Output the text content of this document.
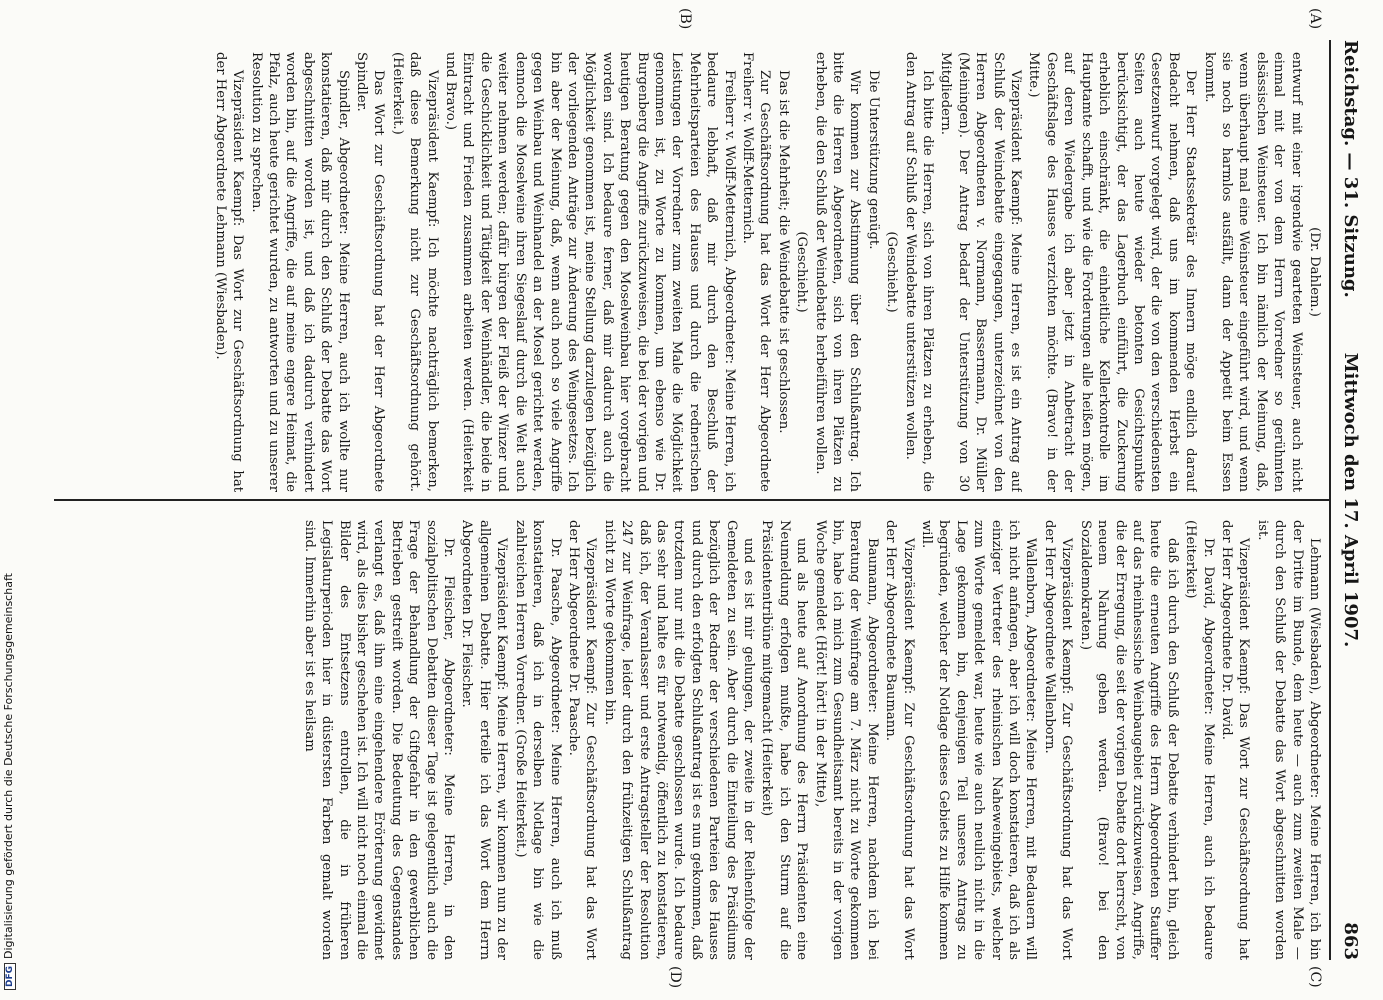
Mittwoch den 17. April 1907.
Reichstag. — 31. Sitzung.
863
(A)
(B)
(C)
(D)

(Dr. Dahlem.)

entwurf mit einer irgendwie gearteten Weinsteuer, auch nicht einmal mit der von dem Herrn Vorredner so gerühmten elsässischen Weinsteuer. Ich bin nämlich der Meinung, daß, wenn überhaupt mal eine Weinsteuer eingeführt wird, und wenn sie noch so harmlos ausfällt, dann der Appetit beim Essen kommt.

Der Herr Staatssekretär des Innern möge endlich darauf Bedacht nehmen, daß uns im kommenden Herbst ein Gesetzentwurf vorgelegt wird, der die von den verschiedensten Seiten auch heute wieder betonten Gesichtspunkte berücksichtigt, der das Lagerbuch einführt, die Zuckerung erheblich einschränkt, die einheitliche Kellerkontrolle im Hauptamte schafft, und wie die Forderungen alle heißen mögen, auf deren Wiedergabe ich aber jetzt in Anbetracht der Geschäftslage des Hauses verzichten möchte. (Bravo! in der Mitte.)

Vizepräsident Kaempf: Meine Herren, es ist ein Antrag auf Schluß der Weindebatte eingegangen, unterzeichnet von den Herren Abgeordneten v. Normann, Bassermann, Dr. Müller (Meiningen). Der Antrag bedarf der Unterstützung von 30 Mitgliedern.

Ich bitte die Herren, sich von ihren Plätzen zu erheben, die den Antrag auf Schluß der Weindebatte unterstützen wollen.

(Geschieht.)

Die Unterstützung genügt.

Wir kommen zur Abstimmung über den Schlußantrag. Ich bitte die Herren Abgeordneten, sich von ihren Plätzen zu erheben, die den Schluß der Weindebatte herbeiführen wollen.

(Geschieht.)

Das ist die Mehrheit; die Weindebatte ist geschlossen.

Zur Geschäftsordnung hat das Wort der Herr Abgeordnete Freiherr v. Wolff-Metternich.

Freiherr v. Wolff-Metternich, Abgeordneter: Meine Herren, ich bedaure lebhaft, daß mir durch den Beschluß der Mehrheitsparteien des Hauses und durch die rednerischen Leistungen der Vorredner zum zweiten Male die Möglichkeit genommen ist, zu Worte zu kommen, um ebenso wie Dr. Burgenberg die Angriffe zurückzuweisen, die bei der vorigen und heutigen Beratung gegen den Moselweinbau hier vorgebracht worden sind. Ich bedaure ferner, daß mir dadurch auch die Möglichkeit genommen ist, meine Stellung darzulegen bezüglich der vorliegenden Anträge zur Änderung des Weingesetzes. Ich bin aber der Meinung, daß, wenn auch noch so viele Angriffe gegen Weinbau und Weinhandel an der Mosel gerichtet werden, dennoch die Moselweine ihren Siegeslauf durch die Welt auch weiter nehmen werden; dafür bürgen der Fleiß der Winzer und die Geschicklichkeit und Tätigkeit der Weinhändler, die beide in Eintracht und Frieden zusammen arbeiten werden. (Heiterkeit und Bravo.)

Vizepräsident Kaempf: Ich möchte nachträglich bemerken, daß diese Bemerkung nicht zur Geschäftsordnung gehört. (Heiterkeit.)

Das Wort zur Geschäftsordnung hat der Herr Abgeordnete Spindler.

Spindler, Abgeordneter: Meine Herren, auch ich wollte nur konstatieren, daß mir durch den Schluß der Debatte das Wort abgeschnitten worden ist, und daß ich dadurch verhindert worden bin, auf die Angriffe, die auf meine engere Heimat, die Pfalz, auch heute gerichtet wurden, zu antworten und zu unserer Resolution zu sprechen.

Vizepräsident Kaempf: Das Wort zur Geschäftsordnung hat der Herr Abgeordnete Lehmann (Wiesbaden).

Lehmann (Wiesbaden), Abgeordneter: Meine Herren, ich bin der Dritte im Bunde, dem heute — auch zum zweiten Male — durch den Schluß der Debatte das Wort abgeschnitten worden ist.

Vizepräsident Kaempf: Das Wort zur Geschäftsordnung hat der Herr Abgeordnete Dr. David.

Dr. David, Abgeordneter: Meine Herren, auch ich bedaure (Heiterkeit)

daß ich durch den Schluß der Debatte verhindert bin, gleich heute die erneuten Angriffe des Herrn Abgeordneten Stauffer auf das rheinhessische Weinbaugebiet zurückzuweisen, Angriffe, die der Erregung, die seit der vorigen Debatte dort herrscht, von neuem Nahrung geben werden. (Bravo! bei den Sozialdemokraten.)

Vizepräsident Kaempf: Zur Geschäftsordnung hat das Wort der Herr Abgeordnete Wallenborn.

Wallenborn, Abgeordneter: Meine Herren, mit Bedauern will ich nicht anfangen, aber ich will doch konstatieren, daß ich als einziger Vertreter des rheinischen Naheweingebiets, welcher zum Worte gemeldet war, heute wie auch neulich nicht in die Lage gekommen bin, denjenigen Teil unseres Antrags zu begründen, welcher der Notlage dieses Gebiets zu Hilfe kommen will.

Vizepräsident Kaempf: Zur Geschäftsordnung hat das Wort der Herr Abgeordnete Baumann.

Baumann, Abgeordneter: Meine Herren, nachdem ich bei Beratung der Weinfrage am 7. März nicht zu Worte gekommen bin, habe ich mich zum Gesundheitsamt bereits in der vorigen Woche gemeldet (Hört! hört! in der Mitte),

und als heute auf Anordnung des Herrn Präsidenten eine Neumeldung erfolgen mußte, habe ich den Sturm auf die Präsidententribüne mitgemacht (Heiterkeit)

und es ist mir gelungen, der zweite in der Reihenfolge der Gemeldeten zu sein. Aber durch die Einteilung des Präsidiums bezüglich der Redner der verschiedenen Parteien des Hauses und durch den erfolgten Schlußantrag ist es nun gekommen, daß trotzdem nur mit die Debatte geschlossen wurde. Ich bedaure das sehr und halte es für notwendig, öffentlich zu konstatieren, daß ich, der Veranlasser und erste Antragsteller der Resolution 247 zur Weinfrage, leider durch den frühzeitigen Schlußantrag nicht zu Worte gekommen bin.

Vizepräsident Kaempf: Zur Geschäftsordnung hat das Wort der Herr Abgeordnete Dr. Paasche.

Dr. Paasche, Abgeordneter: Meine Herren, auch ich muß konstatieren, daß ich in derselben Notlage bin wie die zahlreichen Herren Vorredner. (Große Heiterkeit.)

Vizepräsident Kaempf: Meine Herren, wir kommen nun zu der allgemeinen Debatte. Hier erteile ich das Wort dem Herrn Abgeordneten Dr. Fleischer.

Dr. Fleischer, Abgeordneter: Meine Herren, in den sozialpolitischen Debatten dieser Tage ist gelegentlich auch die Frage der Behandlung der Giftgefahr in den gewerblichen Betrieben gestreift worden. Die Bedeutung des Gegenstandes verlangt es, daß ihm eine eingehendere Erörterung gewidmet wird, als dies bisher geschehen ist. Ich will nicht noch einmal die Bilder des Entsetzens entrollen, die in früheren Legislaturperioden hier in düstersten Farben gemalt worden sind. Immerhin aber ist es heilsam

DFGDigitalisierung gefördert durch die Deutsche Forschungsgemeinschaft
